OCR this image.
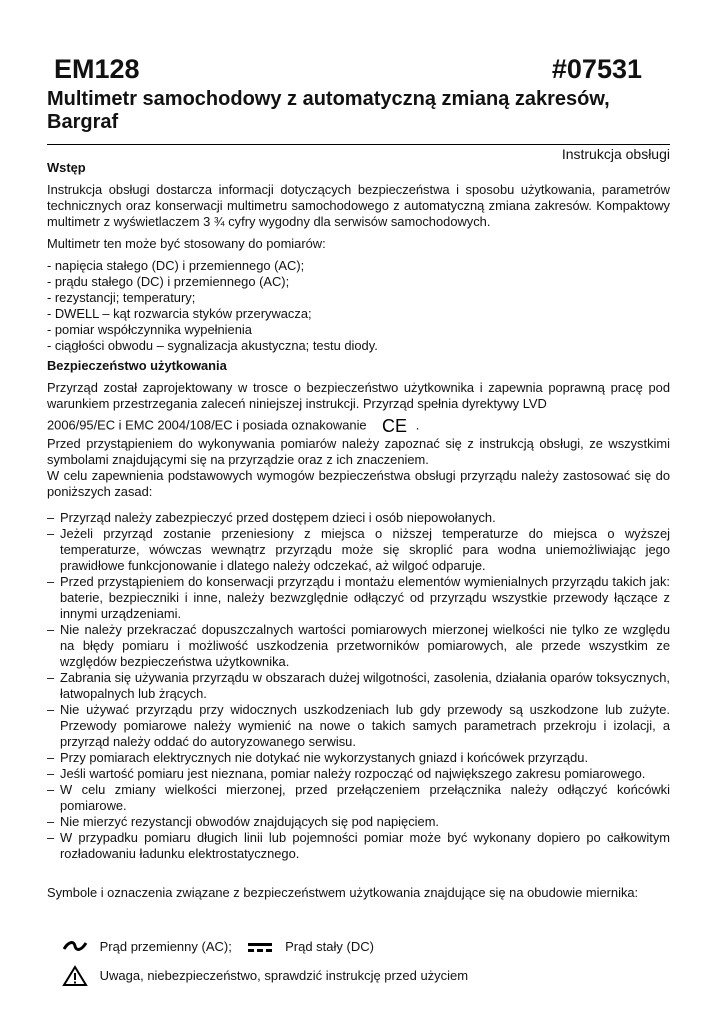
EM128	#07531
Multimetr samochodowy z automatyczną zmianą zakresów, Bargraf
Instrukcja obsługi
Wstęp

Instrukcja obsługi dostarcza informacji dotyczących bezpieczeństwa i sposobu użytkowania, parametrów technicznych oraz konserwacji multimetru samochodowego z automatyczną zmiana zakresów. Kompaktowy multimetr z wyświetlaczem 3 ¾ cyfry wygodny dla serwisów samochodowych.

Multimetr ten może być stosowany do pomiarów:

- napięcia stałego (DC) i przemiennego (AC);
- prądu stałego (DC) i przemiennego (AC);
- rezystancji; temperatury;
- DWELL – kąt rozwarcia styków przerywacza;
- pomiar współczynnika wypełnienia
- ciągłości obwodu – sygnalizacja akustyczna; testu diody.
Bezpieczeństwo użytkowania

Przyrząd został zaprojektowany w trosce o bezpieczeństwo użytkownika i zapewnia poprawną pracę pod warunkiem przestrzegania zaleceń niniejszej instrukcji. Przyrząd spełnia dyrektywy LVD

2006/95/EC i EMC 2004/108/EC i posiada oznakowanie CE .

Przed przystąpieniem do wykonywania pomiarów należy zapoznać się z instrukcją obsługi, ze wszystkimi symbolami znajdującymi się na przyrządzie oraz z ich znaczeniem.

W celu zapewnienia podstawowych wymogów bezpieczeństwa obsługi przyrządu należy zastosować się do poniższych zasad:

– Przyrząd należy zabezpieczyć przed dostępem dzieci i osób niepowołanych.
– Jeżeli przyrząd zostanie przeniesiony z miejsca o niższej temperaturze do miejsca o wyższej temperaturze, wówczas wewnątrz przyrządu może się skroplić para wodna uniemożliwiając jego prawidłowe funkcjonowanie i dlatego należy odczekać, aż wilgoć odparuje.
– Przed przystąpieniem do konserwacji przyrządu i montażu elementów wymienialnych przyrządu takich jak: baterie, bezpieczniki i inne, należy bezwzględnie odłączyć od przyrządu wszystkie przewody łączące z innymi urządzeniami.
– Nie należy przekraczać dopuszczalnych wartości pomiarowych mierzonej wielkości nie tylko ze względu na błędy pomiaru i możliwość uszkodzenia przetworników pomiarowych, ale przede wszystkim ze względów bezpieczeństwa użytkownika.
– Zabrania się używania przyrządu w obszarach dużej wilgotności, zasolenia, działania oparów toksycznych, łatwopalnych lub żrących.
– Nie używać przyrządu przy widocznych uszkodzeniach lub gdy przewody są uszkodzone lub zużyte. Przewody pomiarowe należy wymienić na nowe o takich samych parametrach przekroju i izolacji, a przyrząd należy oddać do autoryzowanego serwisu.
– Przy pomiarach elektrycznych nie dotykać nie wykorzystanych gniazd i końcówek przyrządu.
– Jeśli wartość pomiaru jest nieznana, pomiar należy rozpocząć od największego zakresu pomiarowego.
– W celu zmiany wielkości mierzonej, przed przełączeniem przełącznika należy odłączyć końcówki pomiarowe.
– Nie mierzyć rezystancji obwodów znajdujących się pod napięciem.
– W przypadku pomiaru długich linii lub pojemności pomiar może być wykonany dopiero po całkowitym rozładowaniu ładunku elektrostatycznego.
Symbole i oznaczenia związane z bezpieczeństwem użytkowania znajdujące się na obudowie miernika:
Prąd przemienny (AC);	Prąd stały (DC)
Uwaga, niebezpieczeństwo, sprawdzić instrukcję przed użyciem
